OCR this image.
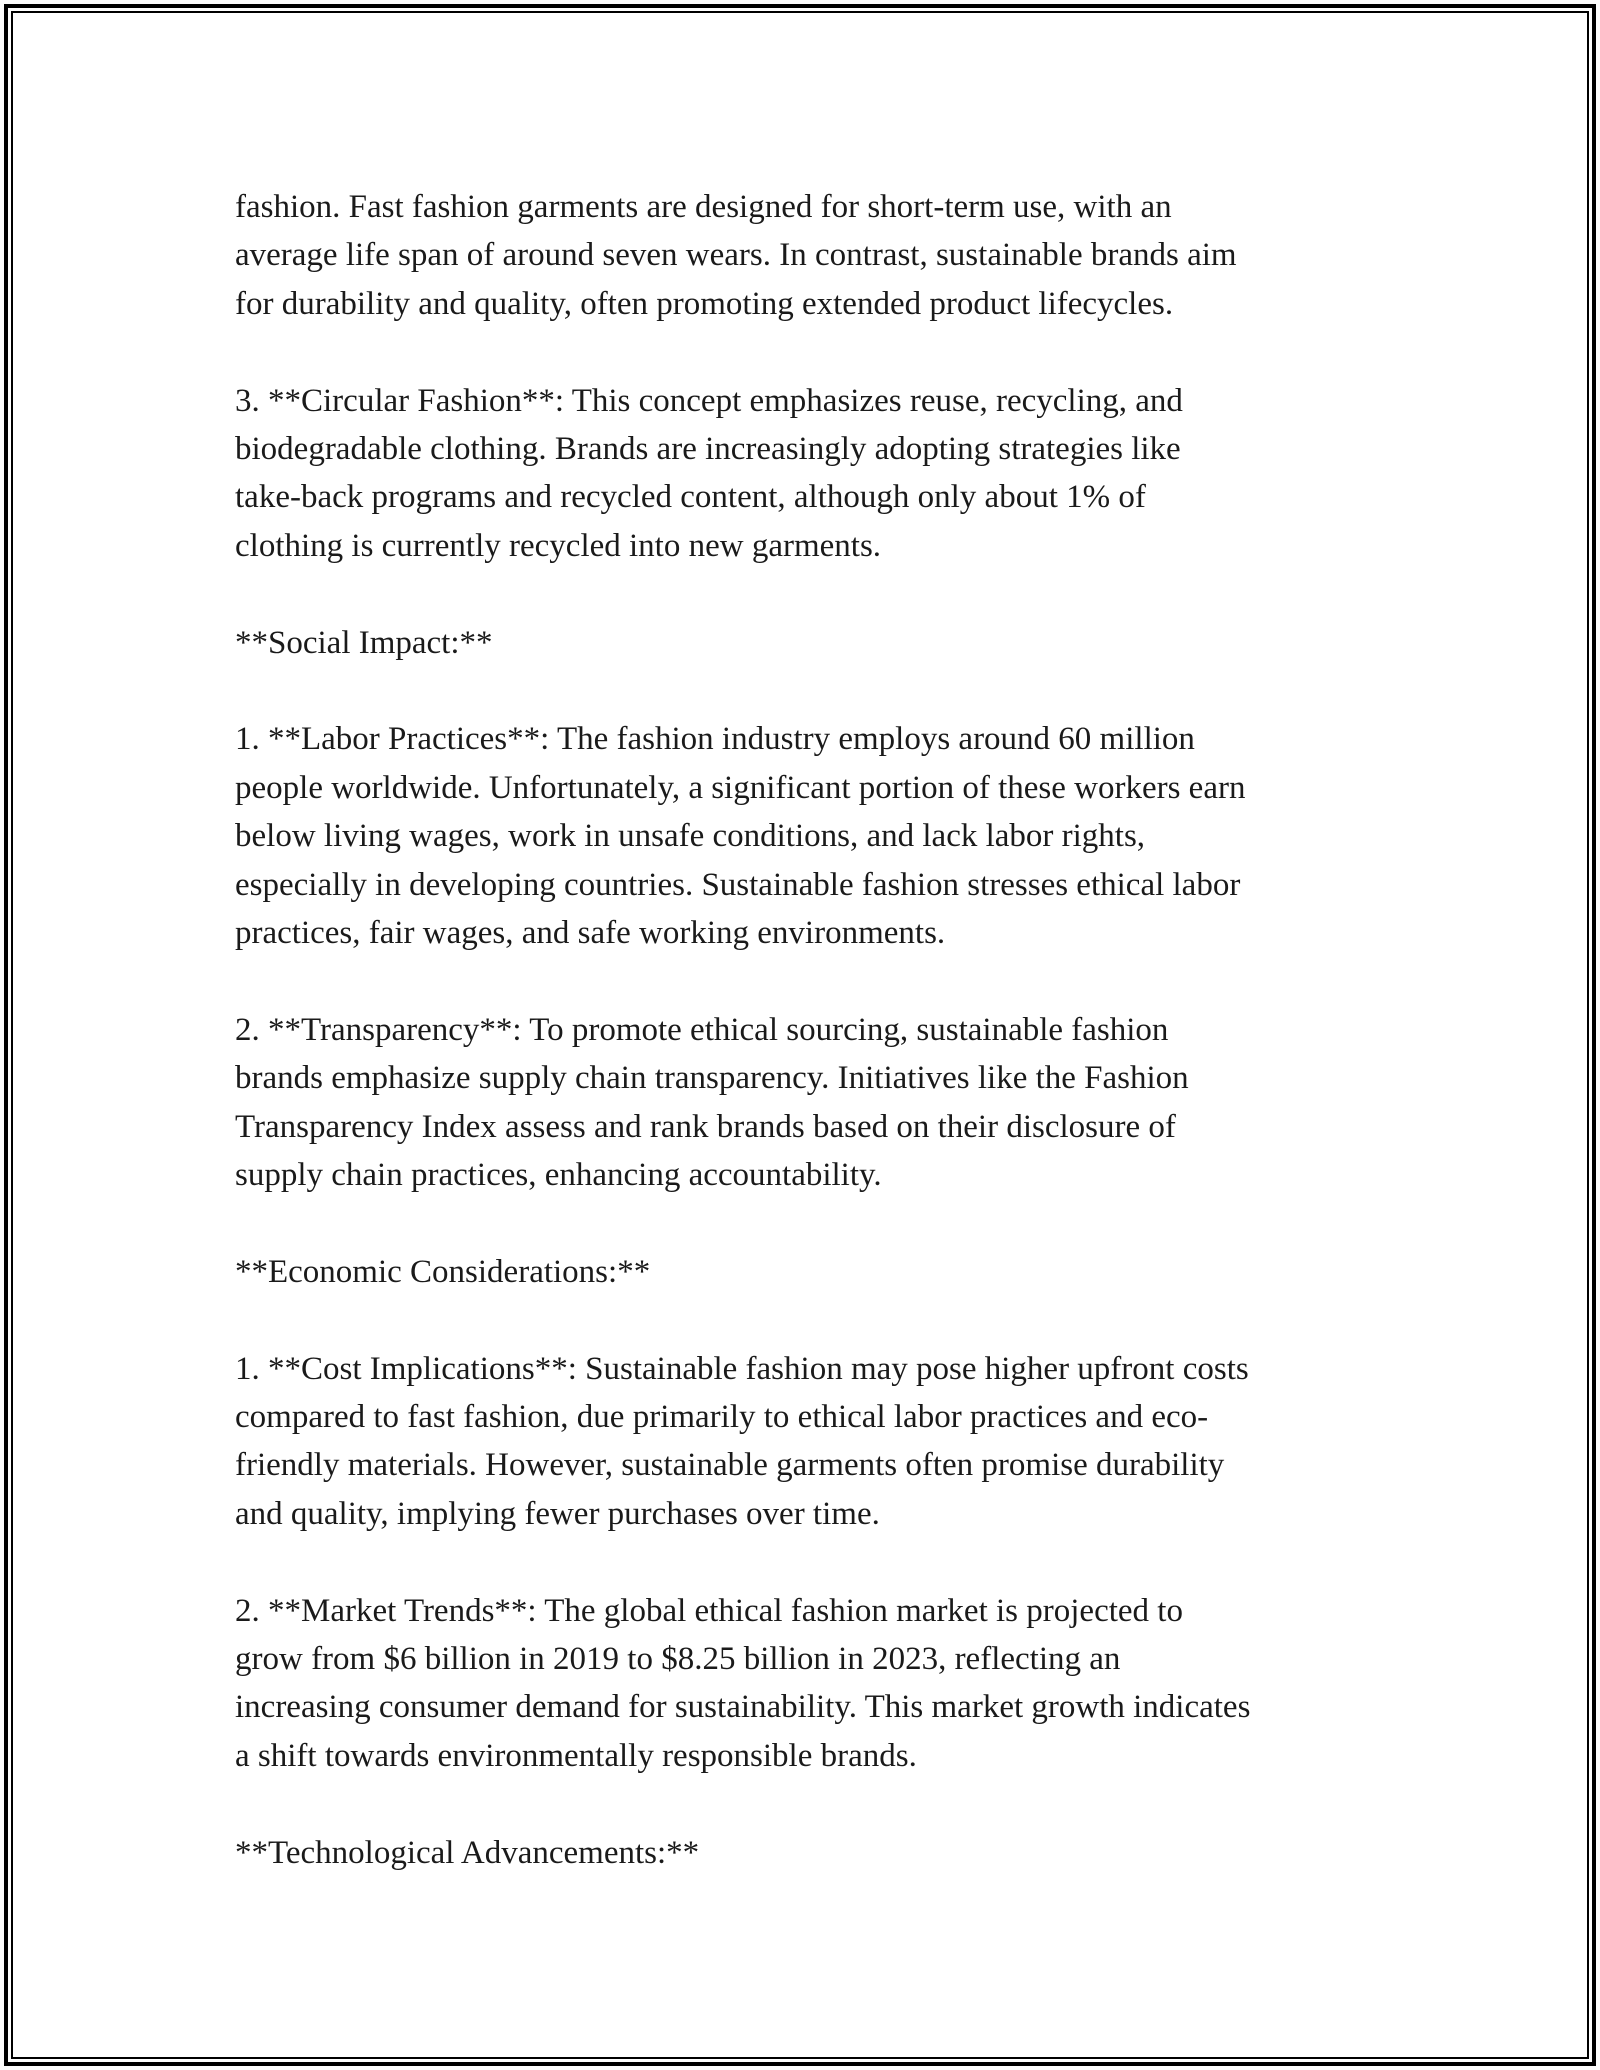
fashion. Fast fashion garments are designed for short-term use, with an
average life span of around seven wears. In contrast, sustainable brands aim
for durability and quality, often promoting extended product lifecycles.

3. **Circular Fashion**: This concept emphasizes reuse, recycling, and
biodegradable clothing. Brands are increasingly adopting strategies like
take-back programs and recycled content, although only about 1% of
clothing is currently recycled into new garments.

**Social Impact:**

1. **Labor Practices**: The fashion industry employs around 60 million
people worldwide. Unfortunately, a significant portion of these workers earn
below living wages, work in unsafe conditions, and lack labor rights,
especially in developing countries. Sustainable fashion stresses ethical labor
practices, fair wages, and safe working environments.

2. **Transparency**: To promote ethical sourcing, sustainable fashion
brands emphasize supply chain transparency. Initiatives like the Fashion
Transparency Index assess and rank brands based on their disclosure of
supply chain practices, enhancing accountability.

**Economic Considerations:**

1. **Cost Implications**: Sustainable fashion may pose higher upfront costs
compared to fast fashion, due primarily to ethical labor practices and eco-
friendly materials. However, sustainable garments often promise durability
and quality, implying fewer purchases over time.

2. **Market Trends**: The global ethical fashion market is projected to
grow from $6 billion in 2019 to $8.25 billion in 2023, reflecting an
increasing consumer demand for sustainability. This market growth indicates
a shift towards environmentally responsible brands.

**Technological Advancements:**
